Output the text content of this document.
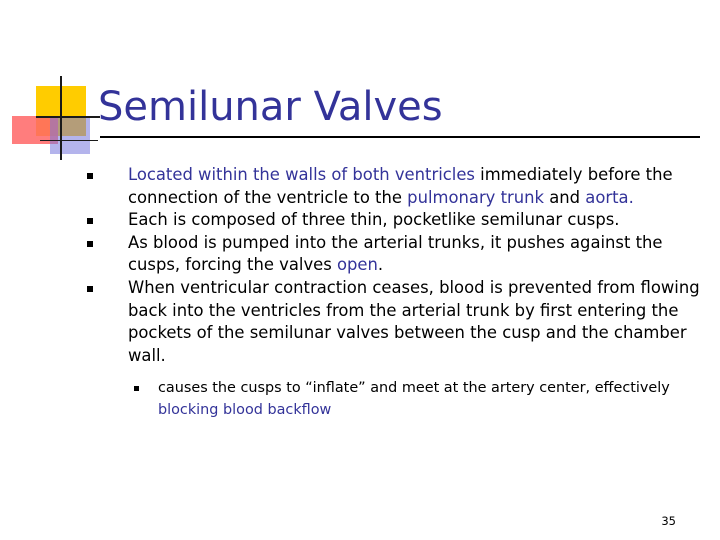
Semilunar Valves
Located within the walls of both ventricles immediately before the connection of the ventricle to the pulmonary trunk and aorta.
Each is composed of three thin, pocketlike semilunar cusps.
As blood is pumped into the arterial trunks, it pushes against the cusps, forcing the valves open.
When ventricular contraction ceases, blood is prevented from flowing back into the ventricles from the arterial trunk by first entering the pockets of the semilunar valves between the cusp and the chamber wall.
causes the cusps to “inflate” and meet at the artery center, effectively blocking blood backflow
35
